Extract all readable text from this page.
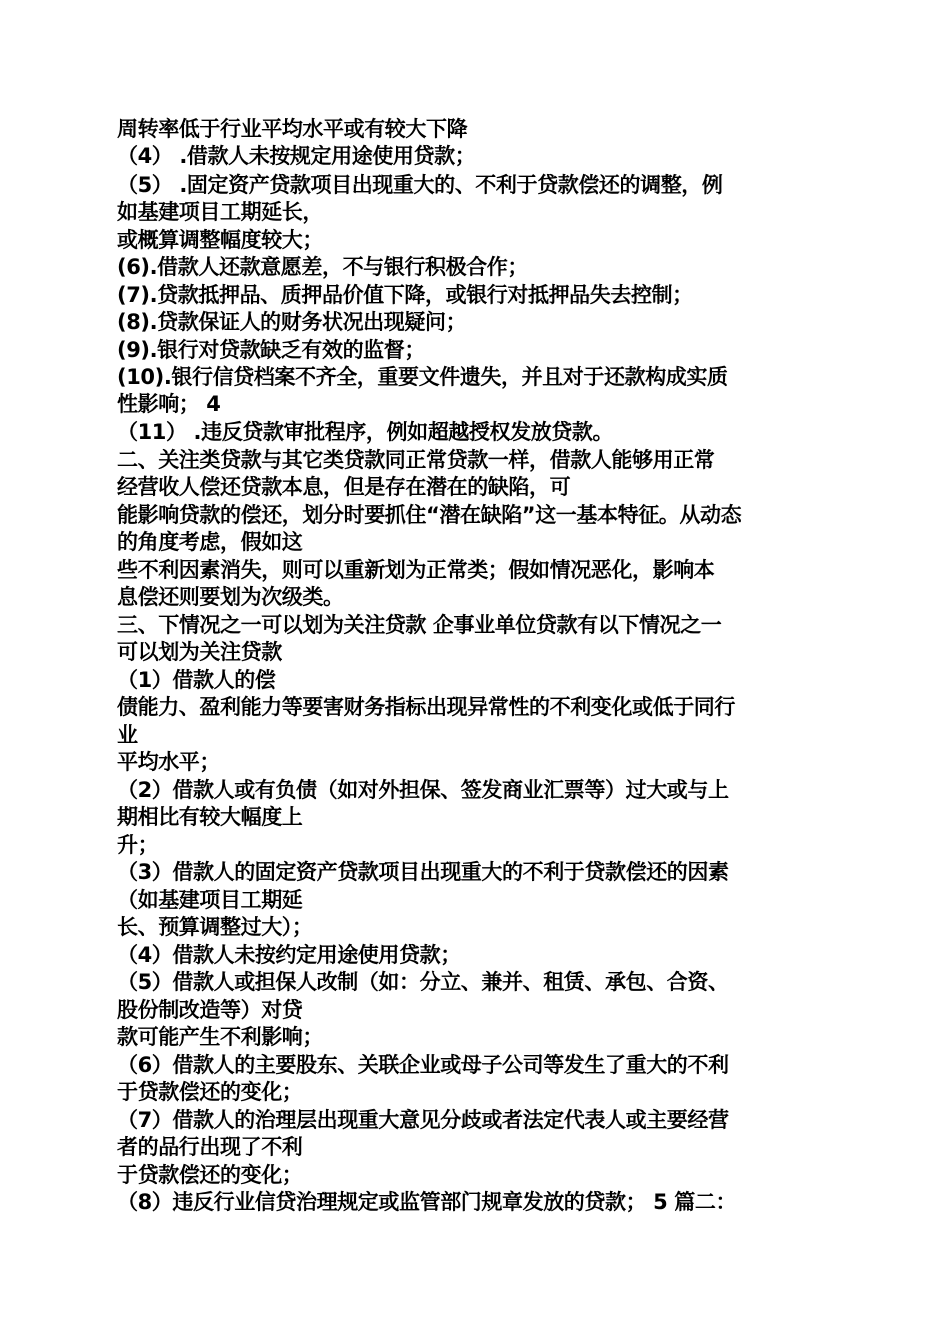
周转率低于行业平均水平或有较大下降
（4） .借款人未按规定用途使用贷款；
（5） .固定资产贷款项目出现重大的、不利于贷款偿还的调整，例
如基建项目工期延长，
或概算调整幅度较大；
(6).借款人还款意愿差，不与银行积极合作；
(7).贷款抵押品、质押品价值下降，或银行对抵押品失去控制；
(8).贷款保证人的财务状况出现疑问；
(9).银行对贷款缺乏有效的监督；
(10).银行信贷档案不齐全，重要文件遗失，并且对于还款构成实质
性影响； 4
（11） .违反贷款审批程序，例如超越授权发放贷款。
二、关注类贷款与其它类贷款同正常贷款一样，借款人能够用正常
经营收人偿还贷款本息，但是存在潜在的缺陷，可
能影响贷款的偿还，划分时要抓住“潜在缺陷”这一基本特征。从动态
的角度考虑，假如这
些不利因素消失，则可以重新划为正常类；假如情况恶化，影响本
息偿还则要划为次级类。
三、下情况之一可以划为关注贷款 企事业单位贷款有以下情况之一
可以划为关注贷款
（1）借款人的偿
债能力、盈利能力等要害财务指标出现异常性的不利变化或低于同行
业
平均水平；
（2）借款人或有负债（如对外担保、签发商业汇票等）过大或与上
期相比有较大幅度上
升；
（3）借款人的固定资产贷款项目出现重大的不利于贷款偿还的因素
（如基建项目工期延
长、预算调整过大）；
（4）借款人未按约定用途使用贷款；
（5）借款人或担保人改制（如：分立、兼并、租赁、承包、合资、
股份制改造等）对贷
款可能产生不利影响；
（6）借款人的主要股东、关联企业或母子公司等发生了重大的不利
于贷款偿还的变化；
（7）借款人的治理层出现重大意见分歧或者法定代表人或主要经营
者的品行出现了不利
于贷款偿还的变化；
（8）违反行业信贷治理规定或监管部门规章发放的贷款； 5 篇二：
